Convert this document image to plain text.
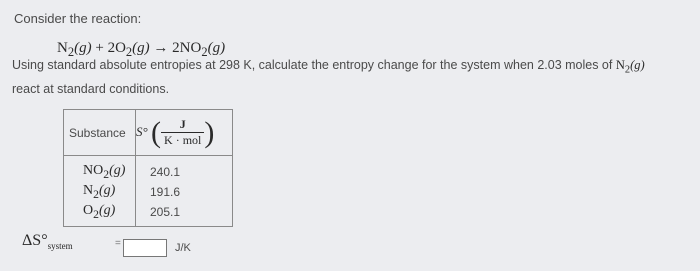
Consider the reaction:
$N_2(g) + 2O_2(g) \to 2NO_2(g)$
Using standard absolute entropies at 298 K, calculate the entropy change for the system when 2.03 moles of $N_2(g)$
react at standard conditions.
Substance	S° ( $\frac{J}{\text{K · mol}}$ )

$NO_2(g)$	240.1

$N_2(g)$	191.6

$O_2(g)$	205.1
$\Delta S^\circ_{system}$	=	J/K
